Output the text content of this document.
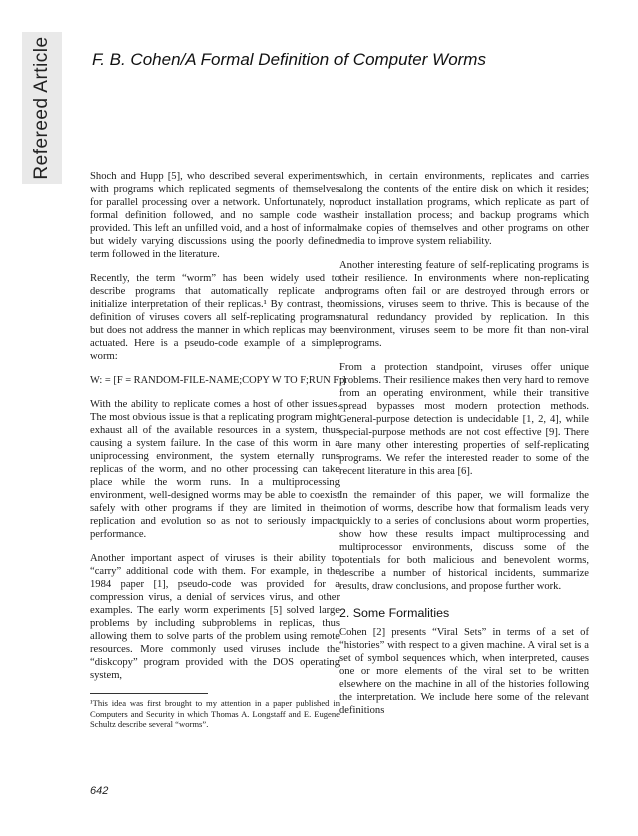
Refereed Article F. B. Cohen/A Formal Definition of Computer Worms

Shoch and Hupp [5], who described several experiments with programs which replicated segments of themselves for parallel processing over a network. Unfortunately, no formal definition followed, and no sample code was provided. This left an unfilled void, and a host of informal but widely varying discussions using the poorly defined term followed in the literature.

Recently, the term “worm” has been widely used to describe programs that automatically replicate and initialize interpretation of their replicas.¹ By contrast, the definition of viruses covers all self-replicating programs but does not address the manner in which replicas may be actuated. Here is a pseudo-code example of a simple worm:

W: = [F = RANDOM-FILE-NAME;COPY W TO F;RUN F;]

With the ability to replicate comes a host of other issues. The most obvious issue is that a replicating program might exhaust all of the available resources in a system, thus causing a system failure. In the case of this worm in a uniprocessing environment, the system eternally runs replicas of the worm, and no other processing can take place while the worm runs. In a multiprocessing environment, well-designed worms may be able to coexist safely with other programs if they are limited in their replication and evolution so as not to seriously impact performance.

Another important aspect of viruses is their ability to “carry” additional code with them. For example, in the 1984 paper [1], pseudo-code was provided for a compression virus, a denial of services virus, and other examples. The early worm experiments [5] solved large problems by including subproblems in replicas, thus allowing them to solve parts of the problem using remote resources. More commonly used viruses include the “diskcopy” program provided with the DOS operating system,

¹This idea was first brought to my attention in a paper published in Computers and Security in which Thomas A. Longstaff and E. Eugene Schultz describe several “worms”.

which, in certain environments, replicates and carries along the contents of the entire disk on which it resides; product installation programs, which replicate as part of their installation process; and backup programs which make copies of themselves and other programs on other media to improve system reliability.

Another interesting feature of self-replicating programs is their resilience. In environments where non-replicating programs often fail or are destroyed through errors or omissions, viruses seem to thrive. This is because of the natural redundancy provided by replication. In this environment, viruses seem to be more fit than non-viral programs.

From a protection standpoint, viruses offer unique problems. Their resilience makes then very hard to remove from an operating environment, while their transitive spread bypasses most modern protection methods. General-purpose detection is undecidable [1, 2, 4], while special-purpose methods are not cost effective [9]. There are many other interesting properties of self-replicating programs. We refer the interested reader to some of the recent literature in this area [6].

In the remainder of this paper, we will formalize the notion of worms, describe how that formalism leads very quickly to a series of conclusions about worm properties, show how these results impact multiprocessing and multiprocessor environments, discuss some of the potentials for both malicious and benevolent worms, describe a number of historical incidents, summarize results, draw conclusions, and propose further work.

2. Some Formalities

Cohen [2] presents “Viral Sets” in terms of a set of “histories” with respect to a given machine. A viral set is a set of symbol sequences which, when interpreted, causes one or more elements of the viral set to be written elsewhere on the machine in all of the histories following the interpretation. We include here some of the relevant definitions

642
